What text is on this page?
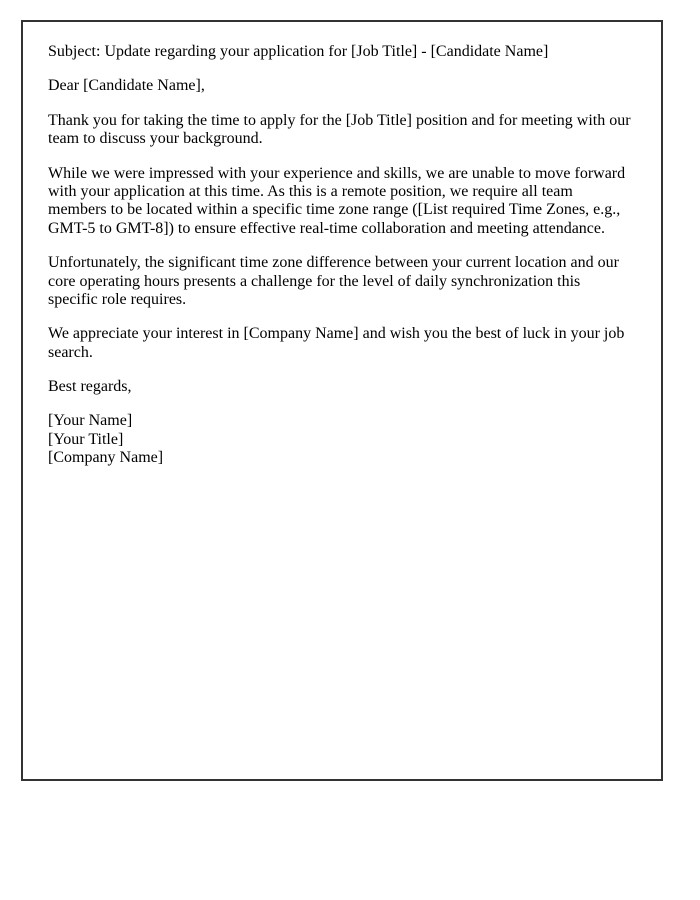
Subject: Update regarding your application for [Job Title] - [Candidate Name]

Dear [Candidate Name],

Thank you for taking the time to apply for the [Job Title] position and for meeting with our
team to discuss your background.

While we were impressed with your experience and skills, we are unable to move forward
with your application at this time. As this is a remote position, we require all team
members to be located within a specific time zone range ([List required Time Zones, e.g.,
GMT-5 to GMT-8]) to ensure effective real-time collaboration and meeting attendance.

Unfortunately, the significant time zone difference between your current location and our
core operating hours presents a challenge for the level of daily synchronization this
specific role requires.

We appreciate your interest in [Company Name] and wish you the best of luck in your job
search.

Best regards,

[Your Name]
[Your Title]
[Company Name]
